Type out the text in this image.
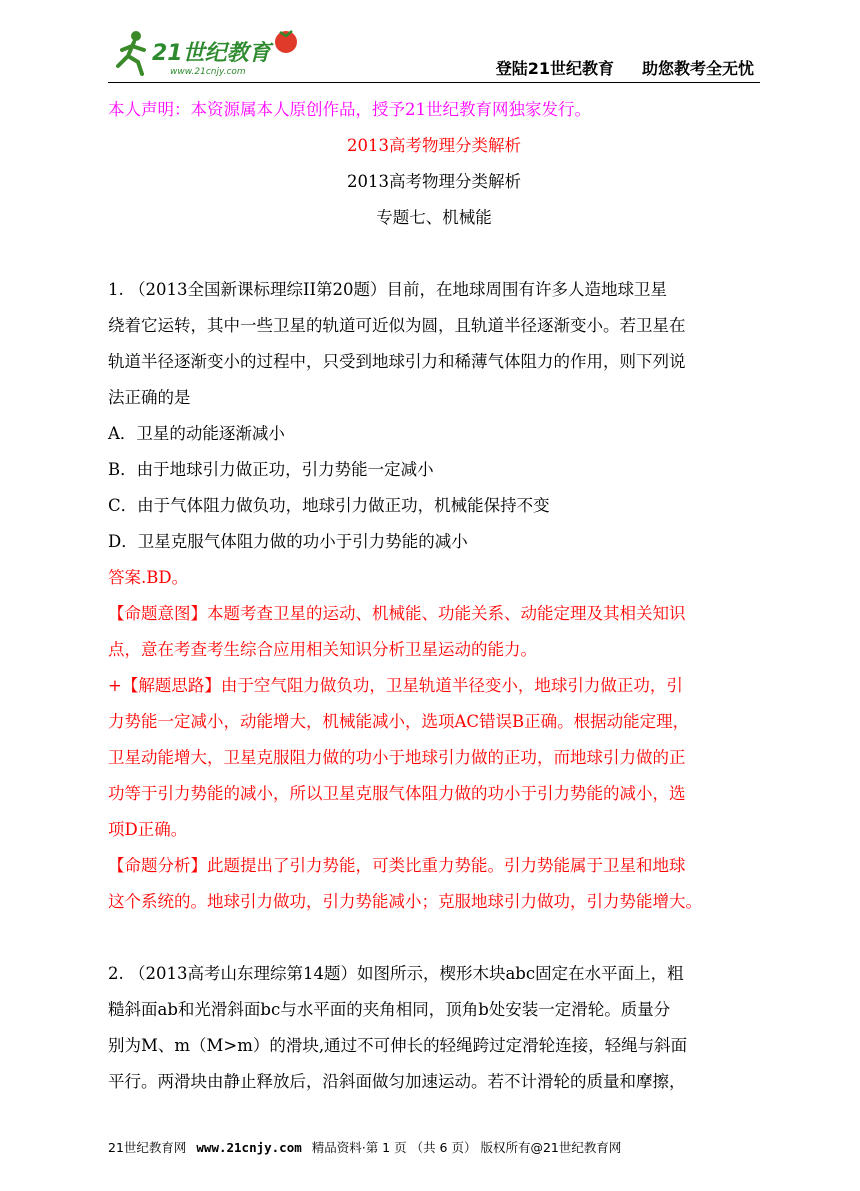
21世纪教育
www.21cnjy.com	登陆21世纪教育 助您教考全无忧

本人声明：本资源属本人原创作品，授予21世纪教育网独家发行。

2013高考物理分类解析

2013高考物理分类解析

专题七、机械能

1. （2013全国新课标理综II第20题）目前，在地球周围有许多人造地球卫星

绕着它运转，其中一些卫星的轨道可近似为圆，且轨道半径逐渐变小。若卫星在

轨道半径逐渐变小的过程中，只受到地球引力和稀薄气体阻力的作用，则下列说

法正确的是

A．卫星的动能逐渐减小

B．由于地球引力做正功，引力势能一定减小

C．由于气体阻力做负功，地球引力做正功，机械能保持不变

D．卫星克服气体阻力做的功小于引力势能的减小

答案.BD。

【命题意图】本题考查卫星的运动、机械能、功能关系、动能定理及其相关知识

点，意在考查考生综合应用相关知识分析卫星运动的能力。

+【解题思路】由于空气阻力做负功，卫星轨道半径变小，地球引力做正功，引

力势能一定减小，动能增大，机械能减小，选项AC错误B正确。根据动能定理，

卫星动能增大，卫星克服阻力做的功小于地球引力做的正功，而地球引力做的正

功等于引力势能的减小，所以卫星克服气体阻力做的功小于引力势能的减小，选

项D正确。

【命题分析】此题提出了引力势能，可类比重力势能。引力势能属于卫星和地球

这个系统的。地球引力做功，引力势能减小；克服地球引力做功，引力势能增大。

2. （2013高考山东理综第14题）如图所示，楔形木块abc固定在水平面上，粗

糙斜面ab和光滑斜面bc与水平面的夹角相同，顶角b处安装一定滑轮。质量分

别为M、m（M>m）的滑块,通过不可伸长的轻绳跨过定滑轮连接，轻绳与斜面

平行。两滑块由静止释放后，沿斜面做匀加速运动。若不计滑轮的质量和摩擦，

21世纪教育网 www.21cnjy.com 精品资料·第 1 页 （共 6 页） 版权所有@21世纪教育网
